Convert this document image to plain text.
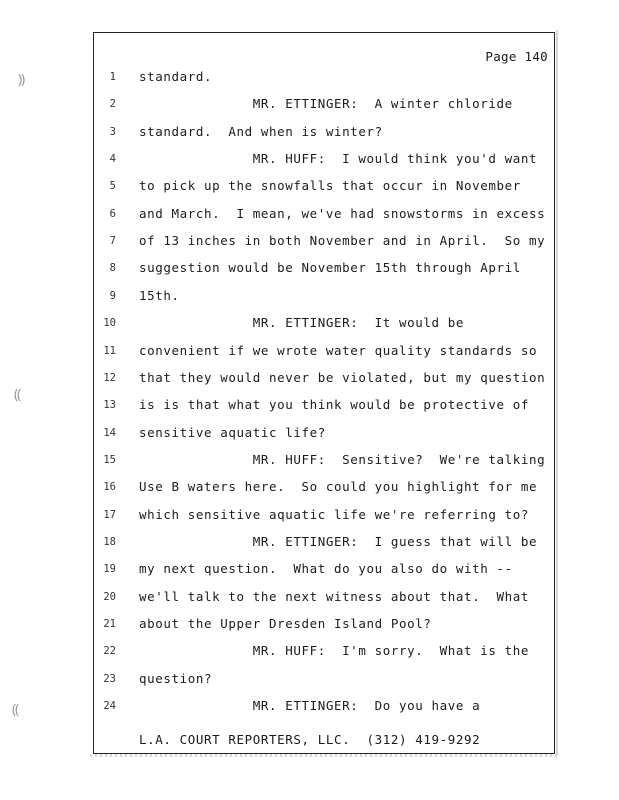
⸩
⸨
⸨
Page 140
1 standard.
2 MR. ETTINGER:  A winter chloride
3 standard.  And when is winter?
4 MR. HUFF:  I would think you'd want
5 to pick up the snowfalls that occur in November
6 and March.  I mean, we've had snowstorms in excess
7 of 13 inches in both November and in April.  So my
8 suggestion would be November 15th through April
9 15th.
10 MR. ETTINGER:  It would be
11 convenient if we wrote water quality standards so
12 that they would never be violated, but my question
13 is is that what you think would be protective of
14 sensitive aquatic life?
15 MR. HUFF:  Sensitive?  We're talking
16 Use B waters here.  So could you highlight for me
17 which sensitive aquatic life we're referring to?
18 MR. ETTINGER:  I guess that will be
19 my next question.  What do you also do with --
20 we'll talk to the next witness about that.  What
21 about the Upper Dresden Island Pool?
22 MR. HUFF:  I'm sorry.  What is the
23 question?
24 MR. ETTINGER:  Do you have a
L.A. COURT REPORTERS, LLC.  (312) 419-9292
